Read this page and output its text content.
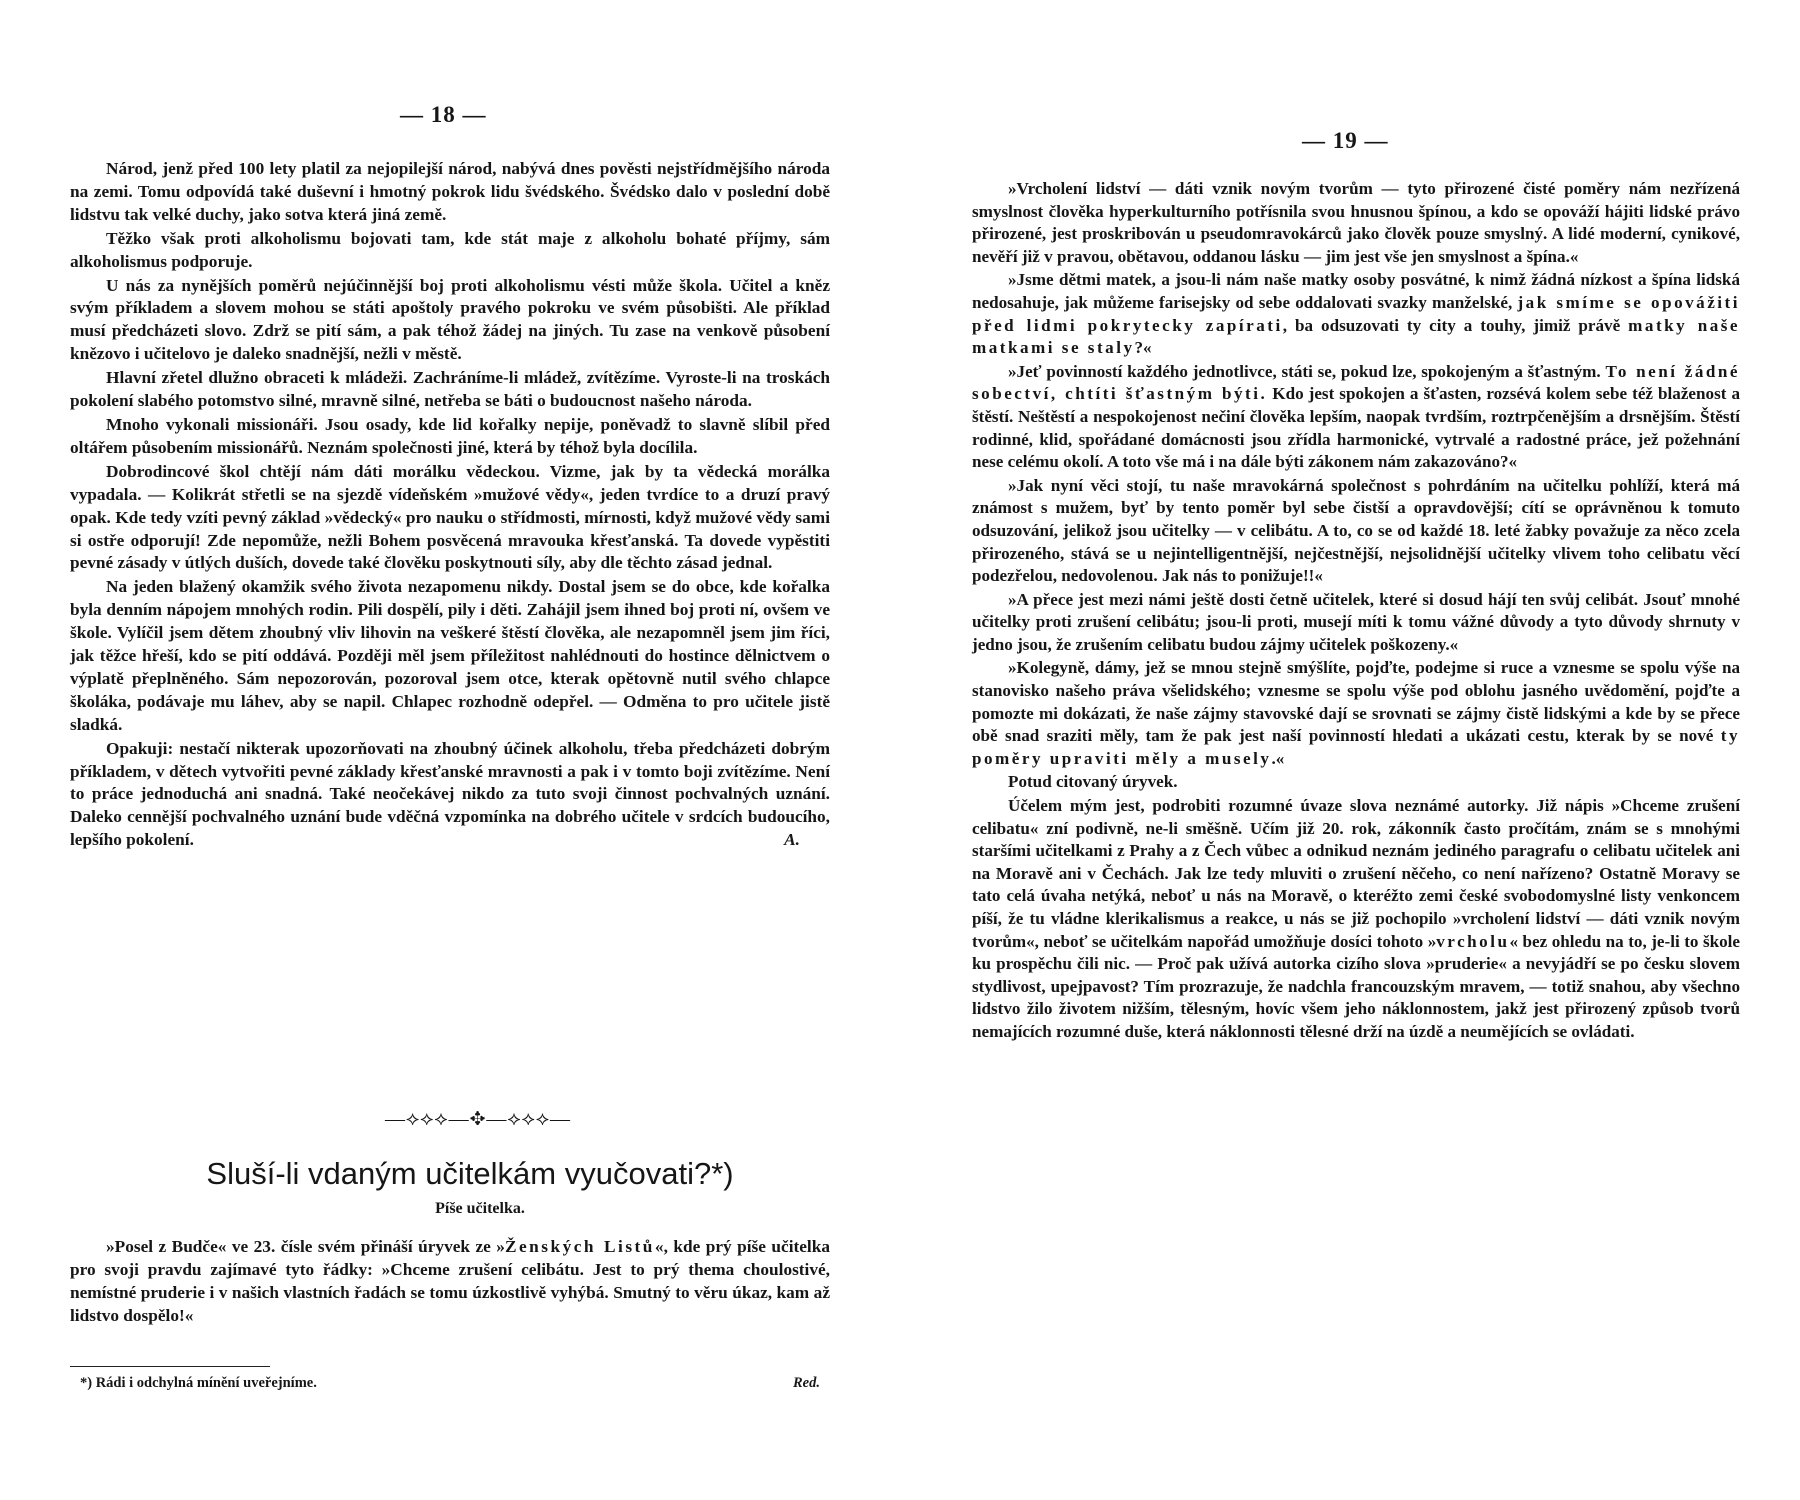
— 18 —

Národ, jenž před 100 lety platil za nejopilejší národ, nabývá dnes pověsti nejstřídmějšího národa na zemi. Tomu odpovídá také duševní i hmotný pokrok lidu švédského. Švédsko dalo v poslední době lidstvu tak velké duchy, jako sotva která jiná země.

Těžko však proti alkoholismu bojovati tam, kde stát maje z alkoholu bohaté příjmy, sám alkoholismus podporuje.

U nás za nynějších poměrů nejúčinnější boj proti alkoholismu vésti může škola. Učitel a kněz svým příkladem a slovem mohou se státi apoštoly pravého pokroku ve svém působišti. Ale příklad musí předcházeti slovo. Zdrž se pití sám, a pak téhož žádej na jiných. Tu zase na venkově působení knězovo i učitelovo je daleko snadnější, nežli v městě.

Hlavní zřetel dlužno obraceti k mládeži. Zachráníme-li mládež, zvítězíme. Vyroste-li na troskách pokolení slabého potomstvo silné, mravně silné, netřeba se báti o budoucnost našeho národa.

Mnoho vykonali missionáři. Jsou osady, kde lid kořalky nepije, poněvadž to slavně slíbil před oltářem působením missionářů. Neznám společnosti jiné, která by téhož byla docílila.

Dobrodincové škol chtějí nám dáti morálku vědeckou. Vizme, jak by ta vědecká morálka vypadala. — Kolikrát střetli se na sjezdě vídeňském »mužové vědy«, jeden tvrdíce to a druzí pravý opak. Kde tedy vzíti pevný základ »vědecký« pro nauku o střídmosti, mírnosti, když mužové vědy sami si ostře odporují! Zde nepomůže, nežli Bohem posvěcená mravouka křesťanská. Ta dovede vypěstiti pevné zásady v útlých duších, dovede také člověku poskytnouti síly, aby dle těchto zásad jednal.

Na jeden blažený okamžik svého života nezapomenu nikdy. Dostal jsem se do obce, kde kořalka byla denním nápojem mnohých rodin. Pili dospělí, pily i děti. Zahájil jsem ihned boj proti ní, ovšem ve škole. Vylíčil jsem dětem zhoubný vliv lihovin na veškeré štěstí člověka, ale nezapomněl jsem jim říci, jak těžce hřeší, kdo se pití oddává. Později měl jsem příležitost nahlédnouti do hostince dělnictvem o výplatě přeplněného. Sám nepozorován, pozoroval jsem otce, kterak opětovně nutil svého chlapce školáka, podávaje mu láhev, aby se napil. Chlapec rozhodně odepřel. — Odměna to pro učitele jistě sladká.

Opakuji: nestačí nikterak upozorňovati na zhoubný účinek alkoholu, třeba předcházeti dobrým příkladem, v dětech vytvořiti pevné základy křesťanské mravnosti a pak i v tomto boji zvítězíme. Není to práce jednoduchá ani snadná. Také neočekávej nikdo za tuto svoji činnost pochvalných uznání. Daleko cennější pochvalného uznání bude vděčná vzpomínka na dobrého učitele v srdcích budoucího, lepšího pokolení.	A.

—⟡⟡⟡—✥—⟡⟡⟡—
Sluší-li vdaným učitelkám vyučovati?*)
Píše učitelka.

»Posel z Budče« ve 23. čísle svém přináší úryvek ze »Ženských Listů«, kde prý píše učitelka pro svoji pravdu zajímavé tyto řádky: »Chceme zrušení celibátu. Jest to prý thema choulostivé, nemístné pruderie i v našich vlastních řadách se tomu úzkostlivě vyhýbá. Smutný to věru úkaz, kam až lidstvo dospělo!«

*) Rádi i odchylná mínění uveřejníme.	Red.
— 19 —

»Vrcholení lidství — dáti vznik novým tvorům — tyto přirozené čisté poměry nám nezřízená smyslnost člověka hyperkulturního potřísnila svou hnusnou špínou, a kdo se opováží hájiti lidské právo přirozené, jest proskribován u pseudomravokárců jako člověk pouze smyslný. A lidé moderní, cynikové, nevěří již v pravou, obětavou, oddanou lásku — jim jest vše jen smyslnost a špína.«

»Jsme dětmi matek, a jsou-li nám naše matky osoby posvátné, k nimž žádná nízkost a špína lidská nedosahuje, jak můžeme farisejsky od sebe oddalovati svazky manželské, jak smíme se opovážiti před lidmi pokrytecky zapírati, ba odsuzovati ty city a touhy, jimiž právě matky naše matkami se staly?«

»Jeť povinností každého jednotlivce, státi se, pokud lze, spokojeným a šťastným. To není žádné sobectví, chtíti šťastným býti. Kdo jest spokojen a šťasten, rozsévá kolem sebe též blaženost a štěstí. Neštěstí a nespokojenost nečiní člověka lepším, naopak tvrdším, roztrpčenějším a drsnějším. Štěstí rodinné, klid, spořádané domácnosti jsou zřídla harmonické, vytrvalé a radostné práce, jež požehnání nese celému okolí. A toto vše má i na dále býti zákonem nám zakazováno?«

»Jak nyní věci stojí, tu naše mravokárná společnost s pohrdáním na učitelku pohlíží, která má známost s mužem, byť by tento poměr byl sebe čistší a opravdovější; cítí se oprávněnou k tomuto odsuzování, jelikož jsou učitelky — v celibátu. A to, co se od každé 18. leté žabky považuje za něco zcela přirozeného, stává se u nejintelligentnější, nejčestnější, nejsolidnější učitelky vlivem toho celibatu věcí podezřelou, nedovolenou. Jak nás to ponižuje!!«

»A přece jest mezi námi ještě dosti četně učitelek, které si dosud hájí ten svůj celibát. Jsouť mnohé učitelky proti zrušení celibátu; jsou-li proti, musejí míti k tomu vážné důvody a tyto důvody shrnuty v jedno jsou, že zrušením celibatu budou zájmy učitelek poškozeny.«

»Kolegyně, dámy, jež se mnou stejně smýšlíte, pojďte, podejme si ruce a vznesme se spolu výše na stanovisko našeho práva všelidského; vznesme se spolu výše pod oblohu jasného uvědomění, pojďte a pomozte mi dokázati, že naše zájmy stavovské dají se srovnati se zájmy čistě lidskými a kde by se přece obě snad sraziti měly, tam že pak jest naší povinností hledati a ukázati cestu, kterak by se nové ty poměry upraviti měly a musely.«

Potud citovaný úryvek.

Účelem mým jest, podrobiti rozumné úvaze slova neznámé autorky. Již nápis »Chceme zrušení celibatu« zní podivně, ne-li směšně. Učím již 20. rok, zákonník často pročítám, znám se s mnohými staršími učitelkami z Prahy a z Čech vůbec a odnikud neznám jediného paragrafu o celibatu učitelek ani na Moravě ani v Čechách. Jak lze tedy mluviti o zrušení něčeho, co není nařízeno? Ostatně Moravy se tato celá úvaha netýká, neboť u nás na Moravě, o kteréžto zemi české svobodomyslné listy venkoncem píší, že tu vládne klerikalismus a reakce, u nás se již pochopilo »vrcholení lidství — dáti vznik novým tvorům«, neboť se učitelkám napořád umožňuje dosíci tohoto »vrcholu« bez ohledu na to, je-li to škole ku prospěchu čili nic. — Proč pak užívá autorka cizího slova »pruderie« a nevyjádří se po česku slovem stydlivost, upejpavost? Tím prozrazuje, že nadchla francouzským mravem, — totiž snahou, aby všechno lidstvo žilo životem nižším, tělesným, hovíc všem jeho náklonnostem, jakž jest přirozený způsob tvorů nemajících rozumné duše, která náklonnosti tělesné drží na úzdě a neumějících se ovládati.
